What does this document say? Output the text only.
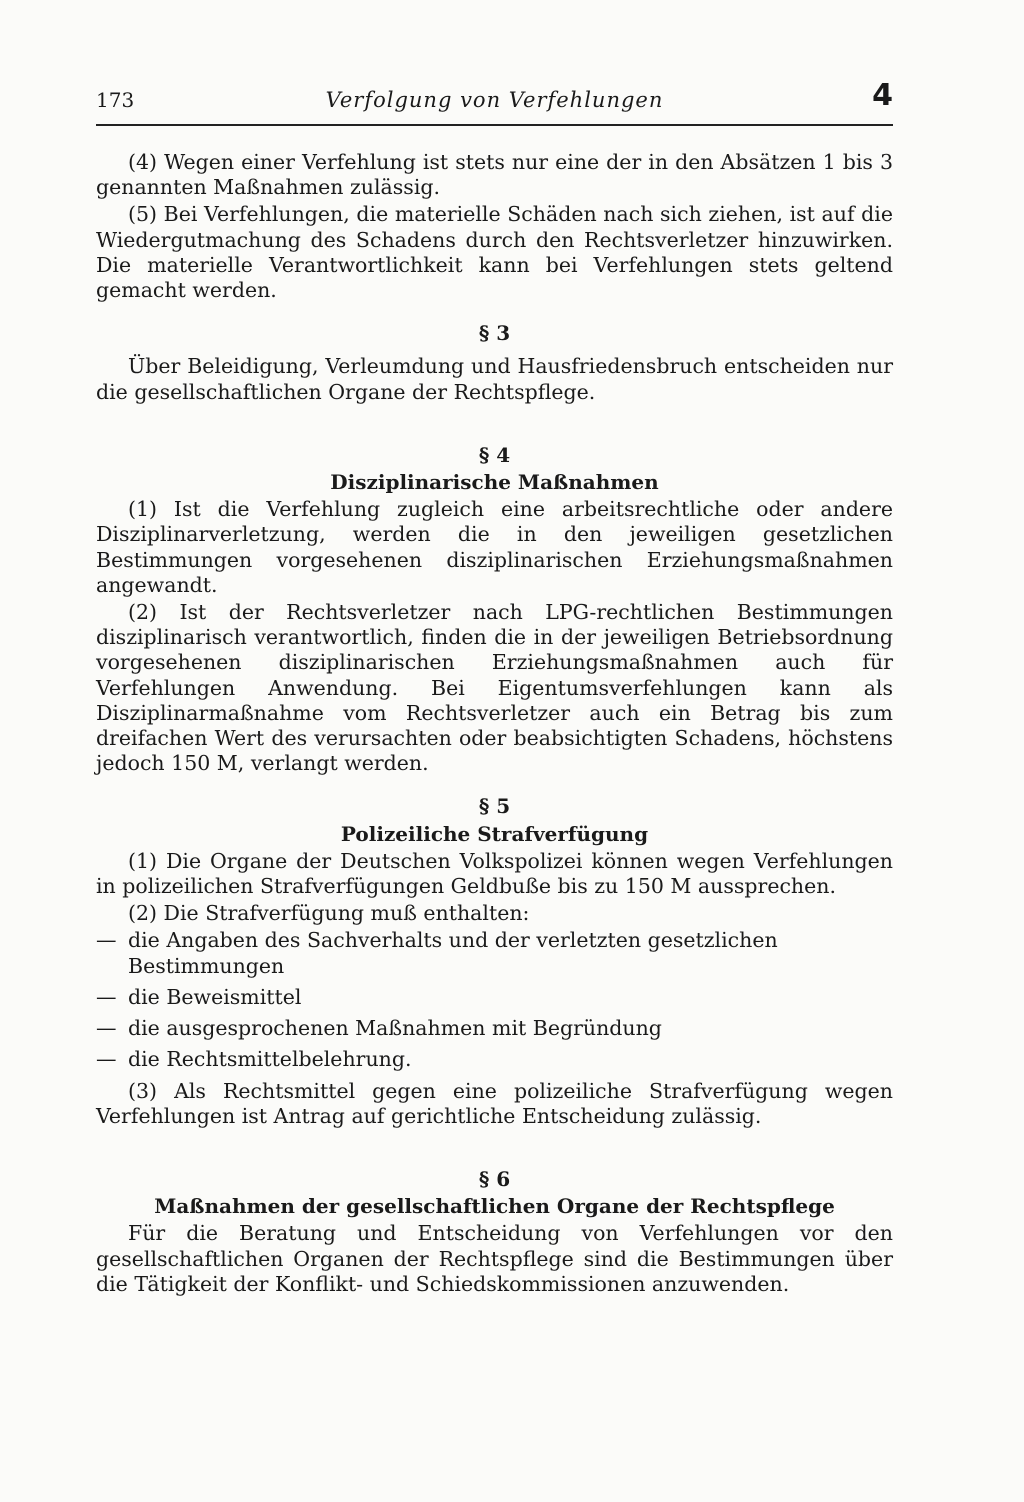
173	Verfolgung von Verfehlungen	4

(4) Wegen einer Verfehlung ist stets nur eine der in den Absätzen 1 bis 3 genannten Maßnahmen zulässig.

(5) Bei Verfehlungen, die materielle Schäden nach sich ziehen, ist auf die Wiedergutmachung des Schadens durch den Rechtsverletzer hinzuwirken. Die materielle Verantwortlichkeit kann bei Verfehlungen stets geltend gemacht werden.

§ 3

Über Beleidigung, Verleumdung und Hausfriedensbruch entscheiden nur die gesellschaftlichen Organe der Rechtspflege.

§ 4
Disziplinarische Maßnahmen

(1) Ist die Verfehlung zugleich eine arbeitsrechtliche oder andere Disziplinarverletzung, werden die in den jeweiligen gesetzlichen Bestimmungen vorgesehenen disziplinarischen Erziehungsmaßnahmen angewandt.

(2) Ist der Rechtsverletzer nach LPG-rechtlichen Bestimmungen disziplinarisch verantwortlich, finden die in der jeweiligen Betriebsordnung vorgesehenen disziplinarischen Erziehungsmaßnahmen auch für Verfehlungen Anwendung. Bei Eigentumsverfehlungen kann als Disziplinarmaßnahme vom Rechtsverletzer auch ein Betrag bis zum dreifachen Wert des verursachten oder beabsichtigten Schadens, höchstens jedoch 150 M, verlangt werden.

§ 5
Polizeiliche Strafverfügung

(1) Die Organe der Deutschen Volkspolizei können wegen Verfehlungen in polizeilichen Strafverfügungen Geldbuße bis zu 150 M aussprechen.

(2) Die Strafverfügung muß enthalten:

— die Angaben des Sachverhalts und der verletzten gesetzlichen Bestimmungen
— die Beweismittel
— die ausgesprochenen Maßnahmen mit Begründung
— die Rechtsmittelbelehrung.

(3) Als Rechtsmittel gegen eine polizeiliche Strafverfügung wegen Verfehlungen ist Antrag auf gerichtliche Entscheidung zulässig.

§ 6
Maßnahmen der gesellschaftlichen Organe der Rechtspflege

Für die Beratung und Entscheidung von Verfehlungen vor den gesellschaftlichen Organen der Rechtspflege sind die Bestimmungen über die Tätigkeit der Konflikt- und Schiedskommissionen anzuwenden.
